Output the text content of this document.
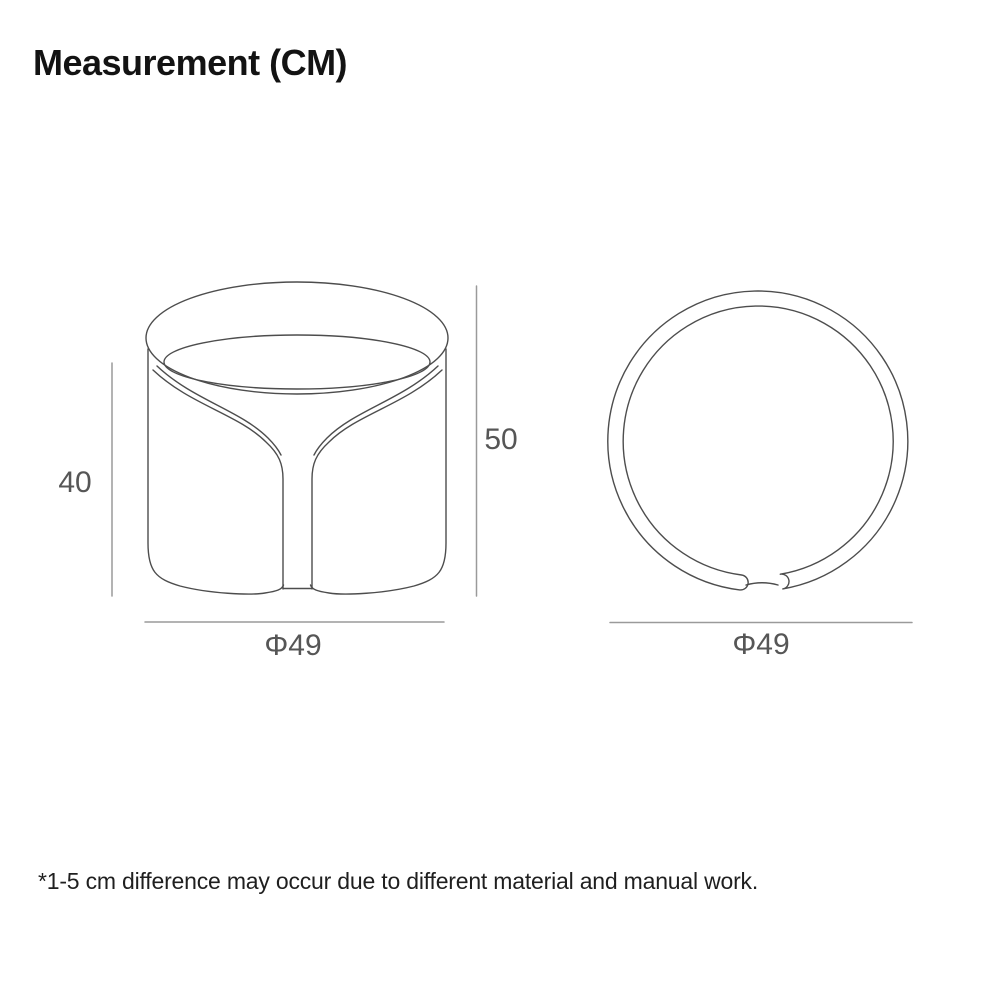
Measurement (CM)
40
50
Φ49	Φ49

*1-5 cm difference may occur due to different material and manual work.
